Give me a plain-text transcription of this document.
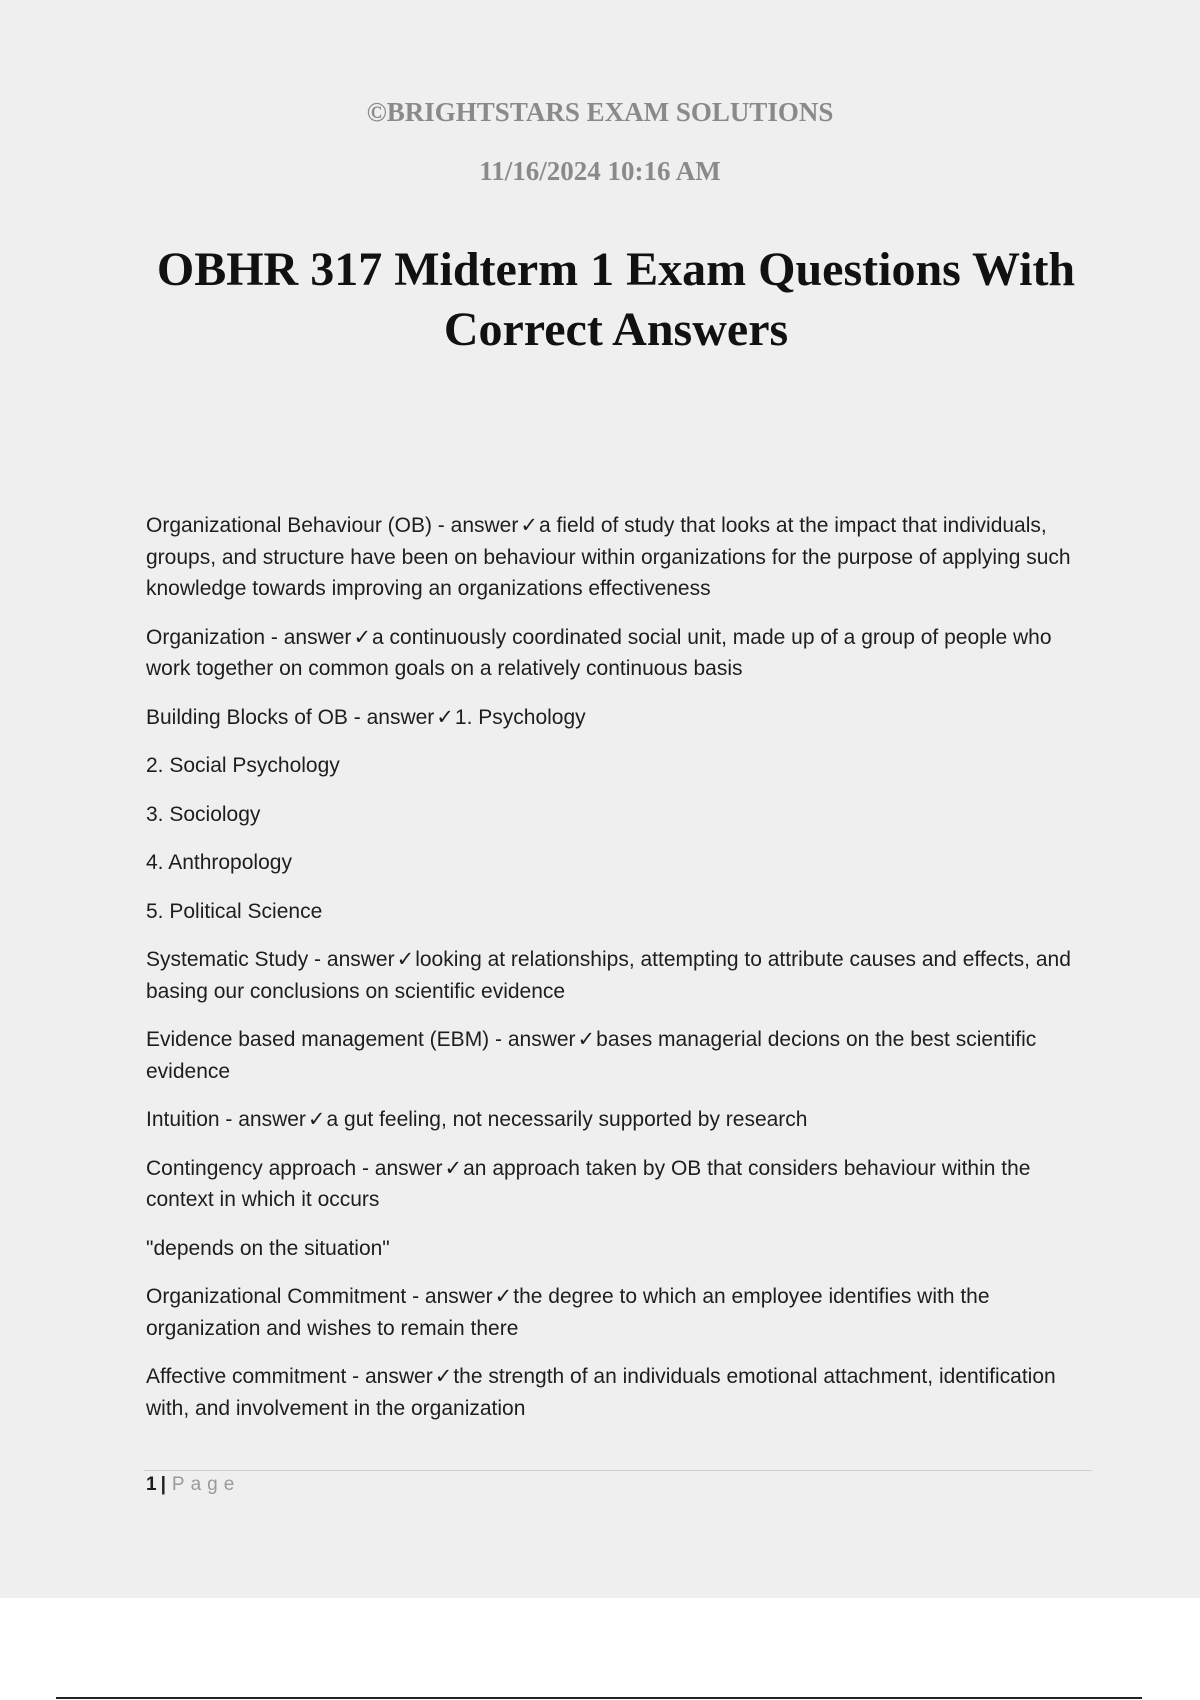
©BRIGHTSTARS EXAM SOLUTIONS

11/16/2024 10:16 AM

OBHR 317 Midterm 1 Exam Questions With Correct Answers
Organizational Behaviour (OB) - answer✓a field of study that looks at the impact that individuals, groups, and structure have been on behaviour within organizations for the purpose of applying such knowledge towards improving an organizations effectiveness
Organization - answer✓a continuously coordinated social unit, made up of a group of people who work together on common goals on a relatively continuous basis
Building Blocks of OB - answer✓1. Psychology
2. Social Psychology
3. Sociology
4. Anthropology
5. Political Science
Systematic Study - answer✓looking at relationships, attempting to attribute causes and effects, and basing our conclusions on scientific evidence
Evidence based management (EBM) - answer✓bases managerial decions on the best scientific evidence
Intuition - answer✓a gut feeling, not necessarily supported by research
Contingency approach - answer✓an approach taken by OB that considers behaviour within the context in which it occurs
"depends on the situation"
Organizational Commitment - answer✓the degree to which an employee identifies with the organization and wishes to remain there
Affective commitment - answer✓the strength of an individuals emotional attachment, identification with, and involvement in the organization
1 | Page
